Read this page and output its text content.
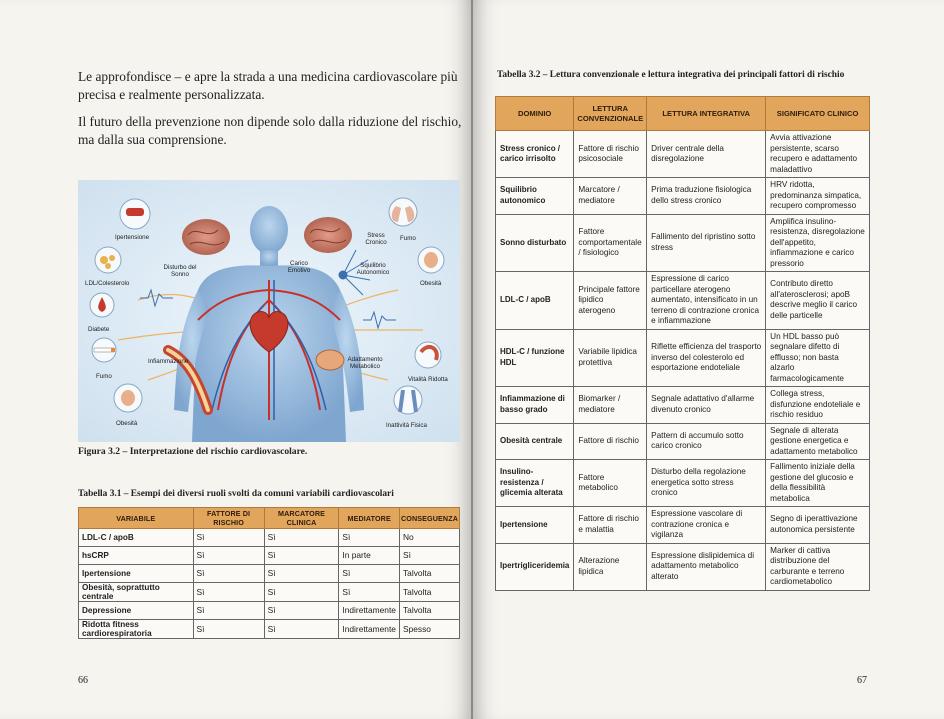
Le approfondisce – e apre la strada a una medicina cardiovascolare più precisa e realmente personalizzata.

Il futuro della prevenzione non dipende solo dalla riduzione del rischio, ma dalla sua comprensione.

Ipertensione
Disturbo del Sonno
LDL/Colesterolo
Diabete
Infiammazione
Fumo
Obesità
Carico Emotivo
Stress Cronico
Squilibrio Autonomico
Fumo
Obesità
Adattamento Metabolico
Vitalità Ridotta
Inattività Fisica

Figura 3.2 – Interpretazione del rischio cardiovascolare.

Tabella 3.1 – Esempi dei diversi ruoli svolti da comuni variabili cardiovascolari

VARIABILE	FATTORE DI RISCHIO	MARCATORE CLINICA	MEDIATORE	CONSEGUENZA
LDL-C / apoB	Sì	Sì	Sì	No
hsCRP	Sì	Sì	In parte	Sì
Ipertensione	Sì	Sì	Sì	Talvolta
Obesità, soprattutto centrale	Sì	Sì	Sì	Talvolta
Depressione	Sì	Sì	Indirettamente	Talvolta
Ridotta fitness cardiorespiratoria	Sì	Sì	Indirettamente	Spesso

66

Tabella 3.2 – Lettura convenzionale e lettura integrativa dei principali fattori di rischio

DOMINIO	LETTURA CONVENZIONALE	LETTURA INTEGRATIVA	SIGNIFICATO CLINICO
Stress cronico / carico irrisolto	Fattore di rischio psicosociale	Driver centrale della disregolazione	Avvia attivazione persistente, scarso recupero e adattamento maladattivo
Squilibrio autonomico	Marcatore / mediatore	Prima traduzione fisiologica dello stress cronico	HRV ridotta, predominanza simpatica, recupero compromesso
Sonno disturbato	Fattore comportamentale / fisiologico	Fallimento del ripristino sotto stress	Amplifica insulino-resistenza, disregolazione dell'appetito, infiammazione e carico pressorio
LDL-C / apoB	Principale fattore lipidico aterogeno	Espressione di carico particellare aterogeno aumentato, intensificato in un terreno di contrazione cronica e infiammazione	Contributo diretto all'aterosclerosi; apoB descrive meglio il carico delle particelle
HDL-C / funzione HDL	Variabile lipidica protettiva	Riflette efficienza del trasporto inverso del colesterolo ed esportazione endoteliale	Un HDL basso può segnalare difetto di efflusso; non basta alzarlo farmacologicamente
Infiammazione di basso grado	Biomarker / mediatore	Segnale adattativo d'allarme divenuto cronico	Collega stress, disfunzione endoteliale e rischio residuo
Obesità centrale	Fattore di rischio	Pattern di accumulo sotto carico cronico	Segnale di alterata gestione energetica e adattamento metabolico
Insulino-resistenza / glicemia alterata	Fattore metabolico	Disturbo della regolazione energetica sotto stress cronico	Fallimento iniziale della gestione del glucosio e della flessibilità metabolica
Ipertensione	Fattore di rischio e malattia	Espressione vascolare di contrazione cronica e vigilanza	Segno di iperattivazione autonomica persistente
Ipertrigliceridemia	Alterazione lipidica	Espressione dislipidemica di adattamento metabolico alterato	Marker di cattiva distribuzione del carburante e terreno cardiometabolico

67
